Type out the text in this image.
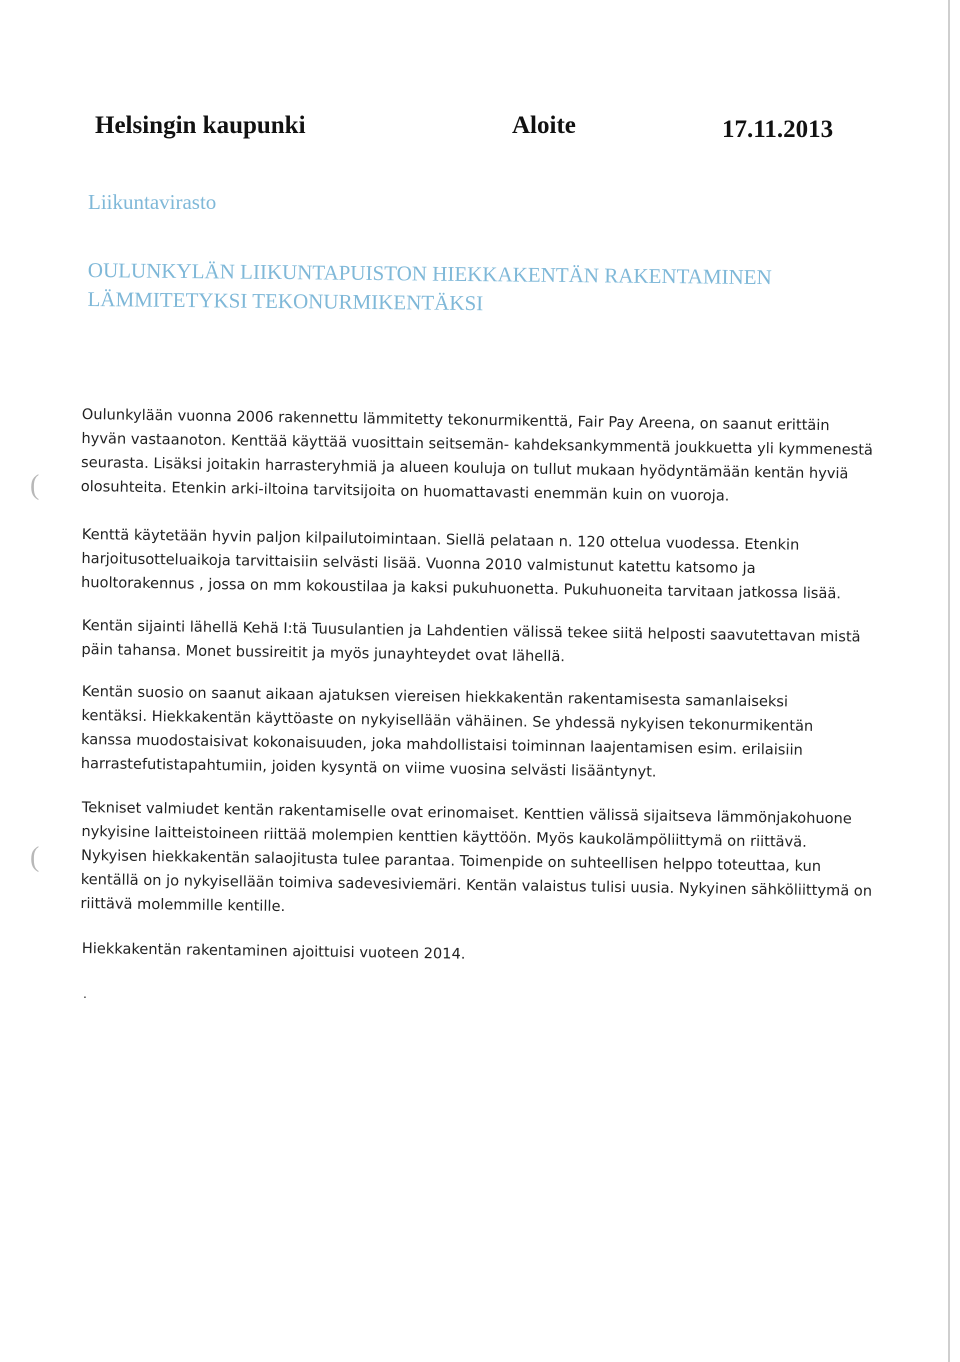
(
(
Helsingin kaupunki	Aloite	17.11.2013
Liikuntavirasto
OULUNKYLÄN LIIKUNTAPUISTON HIEKKAKENTÄN RAKENTAMINEN
LÄMMITETYKSI TEKONURMIKENTÄKSI
Oulunkylään vuonna 2006 rakennettu lämmitetty tekonurmikenttä, Fair Pay Areena, on saanut erittäin
hyvän vastaanoton. Kenttää käyttää vuosittain seitsemän- kahdeksankymmentä joukkuetta yli kymmenestä
seurasta. Lisäksi joitakin harrasteryhmiä ja alueen kouluja on tullut mukaan hyödyntämään kentän hyviä
olosuhteita. Etenkin arki-iltoina tarvitsijoita on huomattavasti enemmän kuin on vuoroja.
Kenttä käytetään hyvin paljon kilpailutoimintaan. Siellä pelataan n. 120 ottelua vuodessa. Etenkin
harjoitusotteluaikoja tarvittaisiin selvästi lisää. Vuonna 2010 valmistunut katettu katsomo ja
huoltorakennus , jossa on mm kokoustilaa ja kaksi pukuhuonetta. Pukuhuoneita tarvitaan jatkossa lisää.
Kentän sijainti lähellä Kehä I:tä Tuusulantien ja Lahdentien välissä tekee siitä helposti saavutettavan mistä
päin tahansa. Monet bussireitit ja myös junayhteydet ovat lähellä.
Kentän suosio on saanut aikaan ajatuksen viereisen hiekkakentän rakentamisesta samanlaiseksi
kentäksi. Hiekkakentän käyttöaste on nykyisellään vähäinen. Se yhdessä nykyisen tekonurmikentän
kanssa muodostaisivat kokonaisuuden, joka mahdollistaisi toiminnan laajentamisen esim. erilaisiin
harrastefutistapahtumiin, joiden kysyntä on viime vuosina selvästi lisääntynyt.
Tekniset valmiudet kentän rakentamiselle ovat erinomaiset. Kenttien välissä sijaitseva lämmönjakohuone
nykyisine laitteistoineen riittää molempien kenttien käyttöön. Myös kaukolämpöliittymä on riittävä.
Nykyisen hiekkakentän salaojitusta tulee parantaa. Toimenpide on suhteellisen helppo toteuttaa, kun
kentällä on jo nykyisellään toimiva sadevesiviemäri. Kentän valaistus tulisi uusia. Nykyinen sähköliittymä on
riittävä molemmille kentille.
Hiekkakentän rakentaminen ajoittuisi vuoteen 2014.
.
